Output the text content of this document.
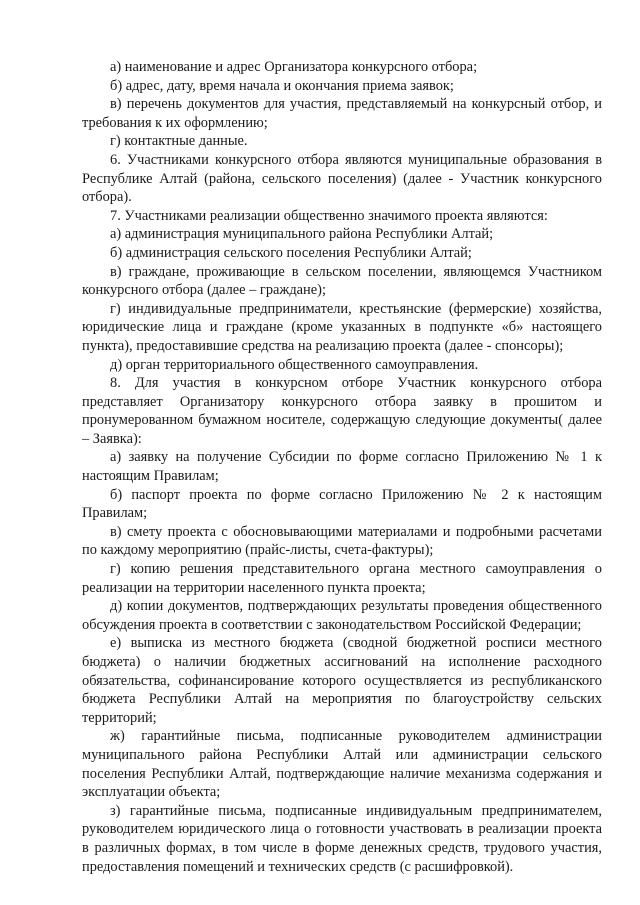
а) наименование и адрес Организатора конкурсного отбора;

б) адрес, дату, время начала и окончания приема заявок;

в) перечень документов для участия, представляемый на конкурсный отбор, и требования к их оформлению;

г) контактные данные.

6. Участниками конкурсного отбора являются муниципальные образования в Республике Алтай (района, сельского поселения) (далее - Участник конкурсного отбора).

7. Участниками реализации общественно значимого проекта являются:

а) администрация муниципального района Республики Алтай;

б) администрация сельского поселения Республики Алтай;

в) граждане, проживающие в сельском поселении, являющемся Участником конкурсного отбора (далее – граждане);

г) индивидуальные предприниматели, крестьянские (фермерские) хозяйства, юридические лица и граждане (кроме указанных в подпункте «б» настоящего пункта), предоставившие средства на реализацию проекта (далее - спонсоры);

д) орган территориального общественного самоуправления.

8. Для участия в конкурсном отборе Участник конкурсного отбора представляет Организатору конкурсного отбора заявку в прошитом и пронумерованном бумажном носителе, содержащую следующие документы( далее – Заявка):

а) заявку на получение Субсидии по форме согласно Приложению № 1 к настоящим Правилам;

б) паспорт проекта по форме согласно Приложению № 2 к настоящим Правилам;

в) смету проекта с обосновывающими материалами и подробными расчетами по каждому мероприятию (прайс-листы, счета-фактуры);

г) копию решения представительного органа местного самоуправления о реализации на территории населенного пункта проекта;

д) копии документов, подтверждающих результаты проведения общественного обсуждения проекта в соответствии с законодательством Российской Федерации;

е) выписка из местного бюджета (сводной бюджетной росписи местного бюджета) о наличии бюджетных ассигнований на исполнение расходного обязательства, софинансирование которого осуществляется из республиканского бюджета Республики Алтай на мероприятия по благоустройству сельских территорий;

ж) гарантийные письма, подписанные руководителем администрации муниципального района Республики Алтай или администрации сельского поселения Республики Алтай, подтверждающие наличие механизма содержания и эксплуатации объекта;

з) гарантийные письма, подписанные индивидуальным предпринимателем, руководителем юридического лица о готовности участвовать в реализации проекта в различных формах, в том числе в форме денежных средств, трудового участия, предоставления помещений и технических средств (с расшифровкой).
